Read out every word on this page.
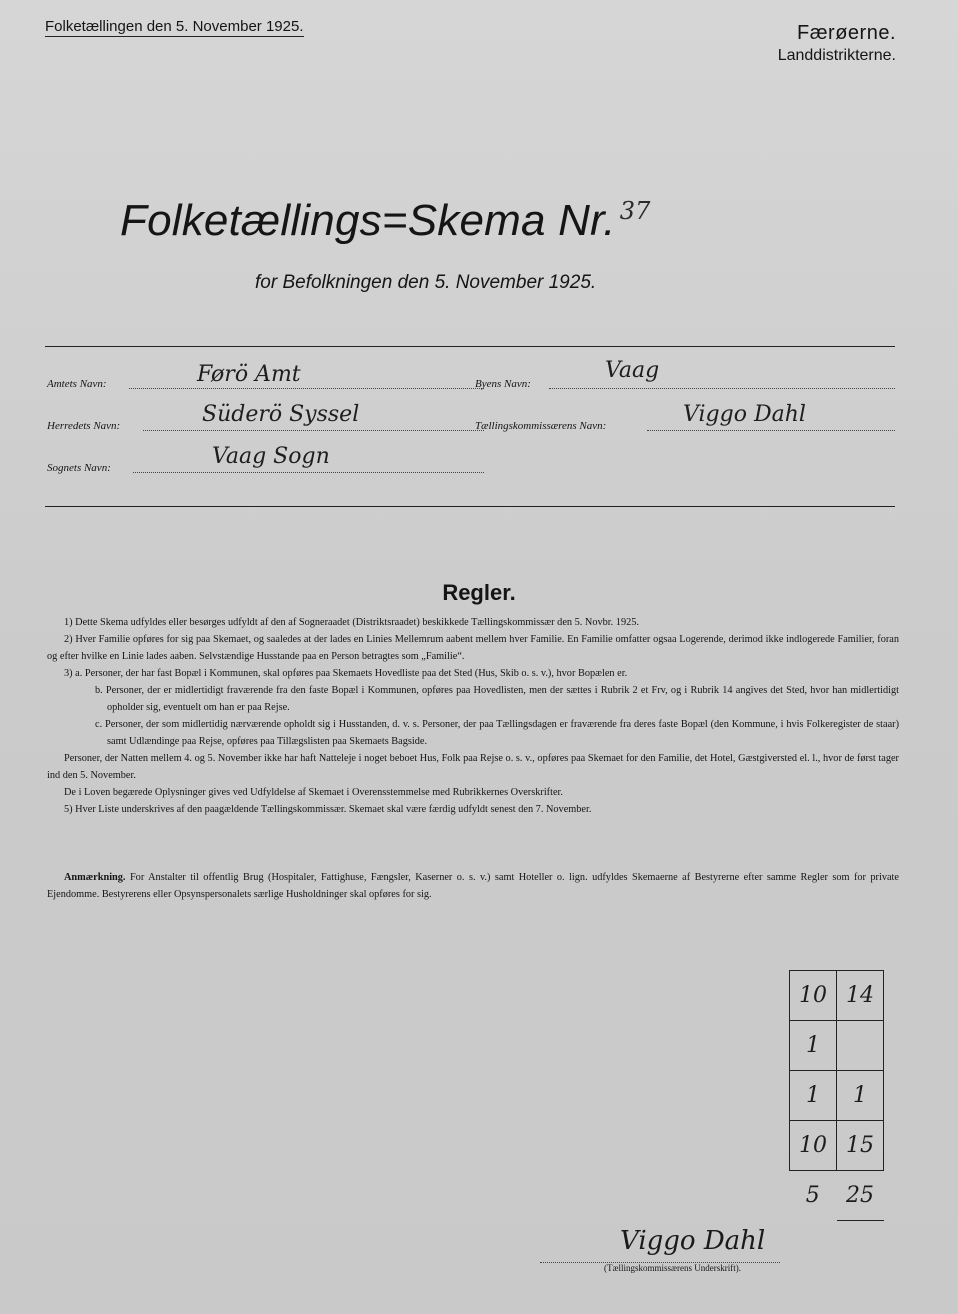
Folketællingen den 5. November 1925.	Færøerne.
Landdistrikterne.
Folketællings=Skema Nr. $^{37}$
for Befolkningen den 5. November 1925.
Amtets Navn:	Førö Amt
Herredets Navn:	Süderö Syssel
Sognets Navn:	Vaag Sogn
Byens Navn:
Vaag
Tællingskommissærens Navn:	Viggo Dahl
Regler.

1) Dette Skema udfyldes eller besørges udfyldt af den af Sogneraadet (Distriktsraadet) beskikkede Tællingskommissær den 5. Novbr. 1925.

2) Hver Familie opføres for sig paa Skemaet, og saaledes at der lades en Linies Mellemrum aabent mellem hver Familie. En Familie omfatter ogsaa Logerende, derimod ikke indlogerede Familier, foran og efter hvilke en Linie lades aaben. Selvstændige Husstande paa en Person betragtes som „Familie“.

3) a. Personer, der har fast Bopæl i Kommunen, skal opføres paa Skemaets Hovedliste paa det Sted (Hus, Skib o. s. v.), hvor Bopælen er.

b. Personer, der er midlertidigt fraværende fra den faste Bopæl i Kommunen, opføres paa Hovedlisten, men der sættes i Rubrik 2 et Frv, og i Rubrik 14 angives det Sted, hvor han midlertidigt opholder sig, eventuelt om han er paa Rejse.

c. Personer, der som midlertidig nærværende opholdt sig i Husstanden, d. v. s. Personer, der paa Tællingsdagen er fraværende fra deres faste Bopæl (den Kommune, i hvis Folkeregister de staar) samt Udlændinge paa Rejse, opføres paa Tillægslisten paa Skemaets Bagside.

Personer, der Natten mellem 4. og 5. November ikke har haft Natteleje i noget beboet Hus, Folk paa Rejse o. s. v., opføres paa Skemaet for den Familie, det Hotel, Gæstgiversted el. l., hvor de først tager ind den 5. November.

De i Loven begærede Oplysninger gives ved Udfyldelse af Skemaet i Overensstemmelse med Rubrikkernes Overskrifter.

5) Hver Liste underskrives af den paagældende Tællingskommissær. Skemaet skal være færdig udfyldt senest den 7. November.

Anmærkning. For Anstalter til offentlig Brug (Hospitaler, Fattighuse, Fængsler, Kaserner o. s. v.) samt Hoteller o. lign. udfyldes Skemaerne af Bestyrerne efter samme Regler som for private Ejendomme. Bestyrerens eller Opsynspersonalets særlige Husholdninger skal opføres for sig.
10	14
1	
1	1
10	15
5	25
Viggo Dahl
(Tællingskommissærens Underskrift).
